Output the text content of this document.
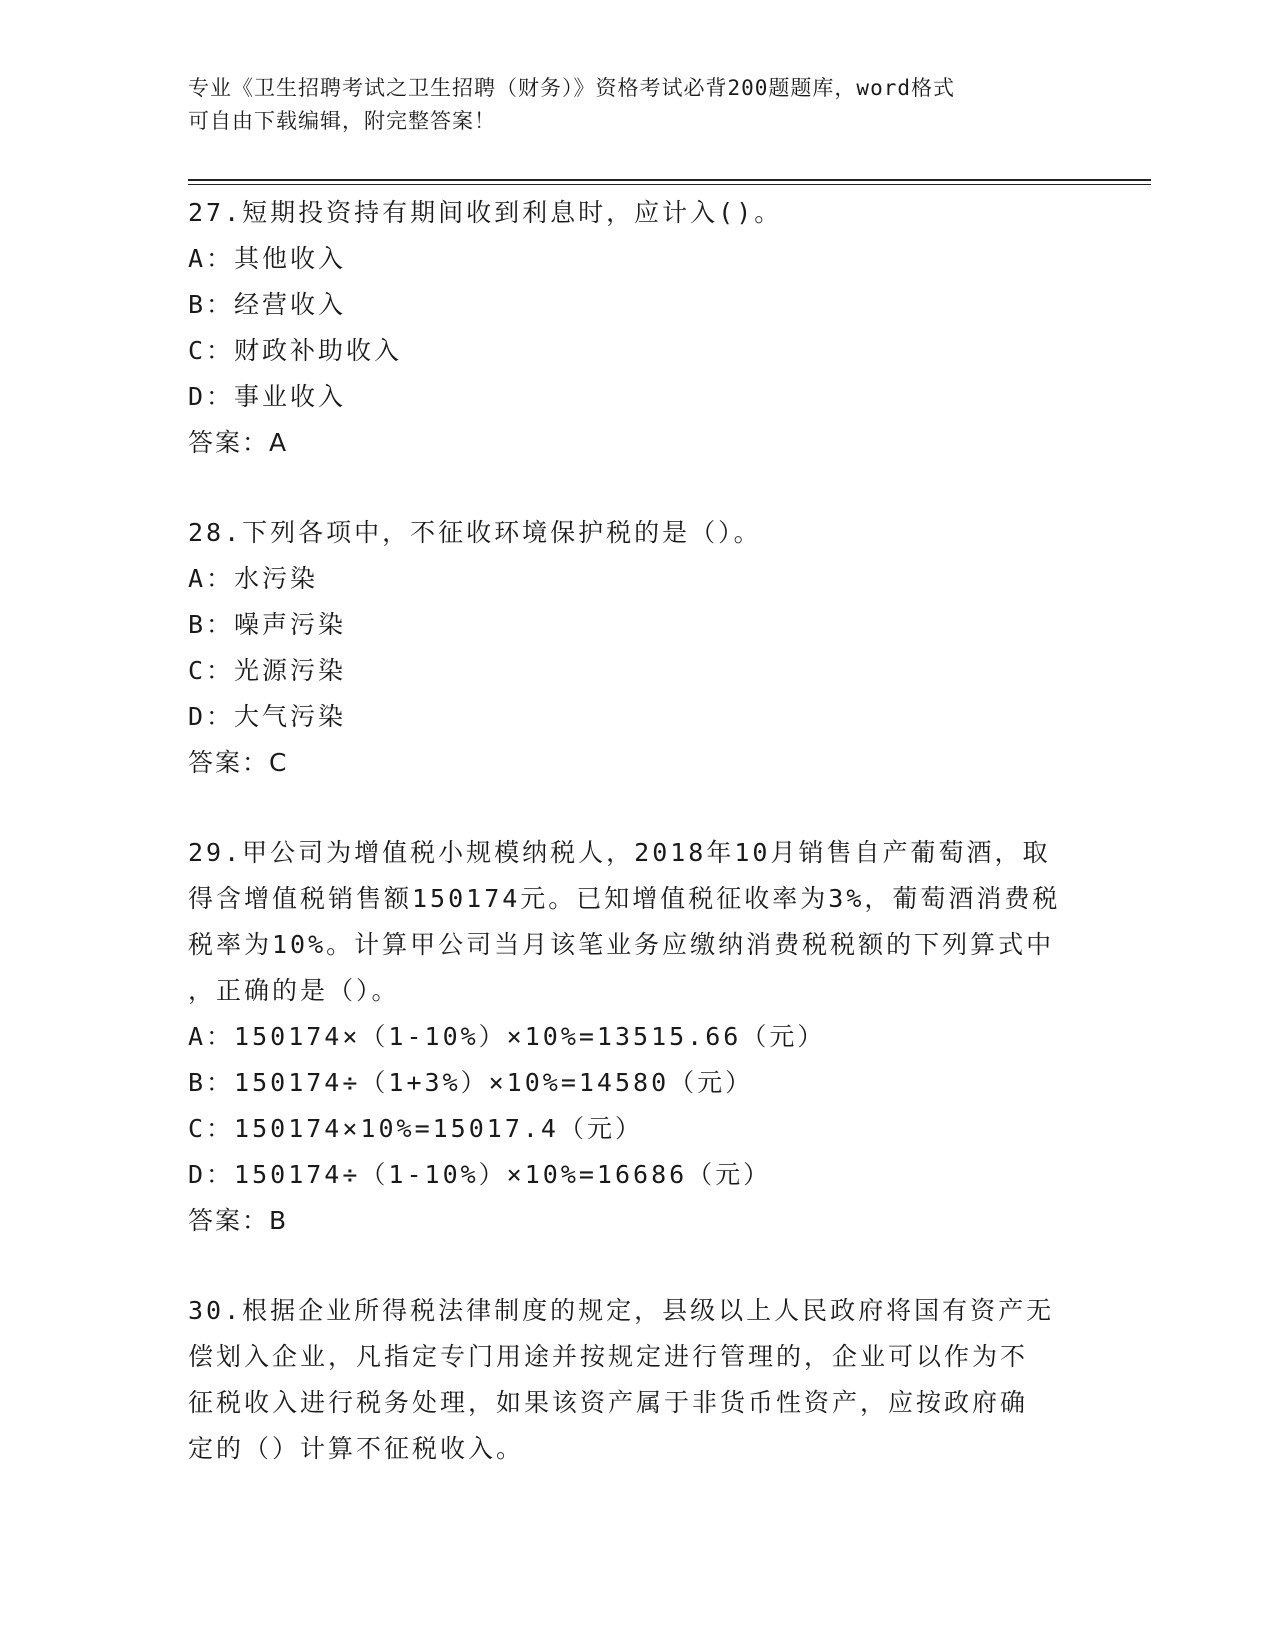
专业《卫生招聘考试之卫生招聘（财务）》资格考试必背200题题库，word格式
可自由下载编辑，附完整答案！

27.短期投资持有期间收到利息时，应计入()。

A：其他收入

B：经营收入

C：财政补助收入

D：事业收入

答案：A

28.下列各项中，不征收环境保护税的是（）。

A：水污染

B：噪声污染

C：光源污染

D：大气污染

答案：C

29.甲公司为增值税小规模纳税人，2018年10月销售自产葡萄酒，取

得含增值税销售额150174元。已知增值税征收率为3%，葡萄酒消费税

税率为10%。计算甲公司当月该笔业务应缴纳消费税税额的下列算式中

，正确的是（）。

A：150174×（1-10%）×10%=13515.66（元）

B：150174÷（1+3%）×10%=14580（元）

C：150174×10%=15017.4（元）

D：150174÷（1-10%）×10%=16686（元）

答案：B

30.根据企业所得税法律制度的规定，县级以上人民政府将国有资产无

偿划入企业，凡指定专门用途并按规定进行管理的，企业可以作为不

征税收入进行税务处理，如果该资产属于非货币性资产，应按政府确

定的（）计算不征税收入。
